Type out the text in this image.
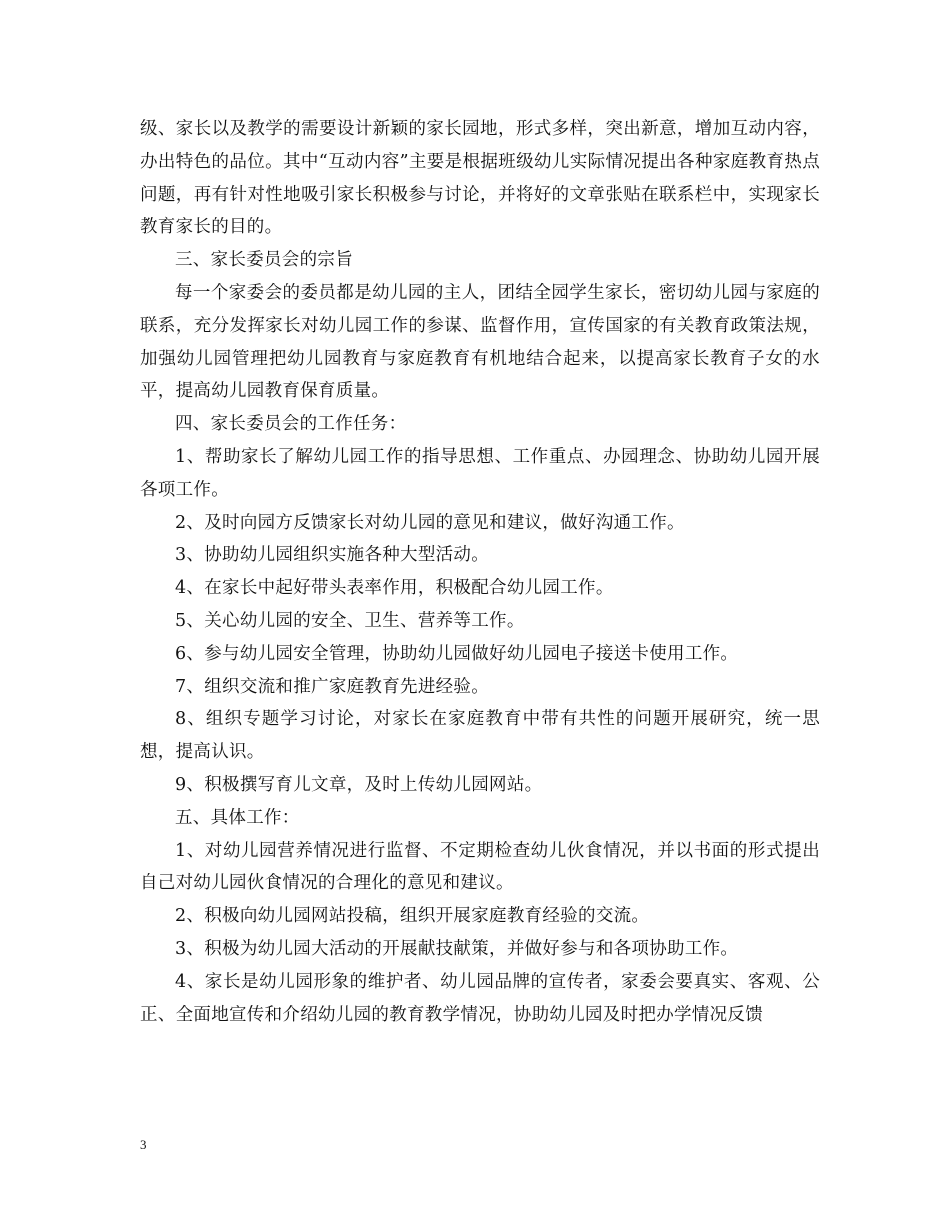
级、家长以及教学的需要设计新颖的家长园地，形式多样，突出新意，增加互动内容，办出特色的品位。其中“互动内容”主要是根据班级幼儿实际情况提出各种家庭教育热点问题，再有针对性地吸引家长积极参与讨论，并将好的文章张贴在联系栏中，实现家长教育家长的目的。

三、家长委员会的宗旨

每一个家委会的委员都是幼儿园的主人，团结全园学生家长，密切幼儿园与家庭的联系，充分发挥家长对幼儿园工作的参谋、监督作用，宣传国家的有关教育政策法规，加强幼儿园管理把幼儿园教育与家庭教育有机地结合起来，以提高家长教育子女的水平，提高幼儿园教育保育质量。

四、家长委员会的工作任务：

1、帮助家长了解幼儿园工作的指导思想、工作重点、办园理念、协助幼儿园开展各项工作。

2、及时向园方反馈家长对幼儿园的意见和建议，做好沟通工作。

3、协助幼儿园组织实施各种大型活动。

4、在家长中起好带头表率作用，积极配合幼儿园工作。

5、关心幼儿园的安全、卫生、营养等工作。

6、参与幼儿园安全管理，协助幼儿园做好幼儿园电子接送卡使用工作。

7、组织交流和推广家庭教育先进经验。

8、组织专题学习讨论，对家长在家庭教育中带有共性的问题开展研究，统一思想，提高认识。

9、积极撰写育儿文章，及时上传幼儿园网站。

五、具体工作：

1、对幼儿园营养情况进行监督、不定期检查幼儿伙食情况，并以书面的形式提出自己对幼儿园伙食情况的合理化的意见和建议。

2、积极向幼儿园网站投稿，组织开展家庭教育经验的交流。

3、积极为幼儿园大活动的开展献技献策，并做好参与和各项协助工作。

4、家长是幼儿园形象的维护者、幼儿园品牌的宣传者，家委会要真实、客观、公正、全面地宣传和介绍幼儿园的教育教学情况，协助幼儿园及时把办学情况反馈

3
